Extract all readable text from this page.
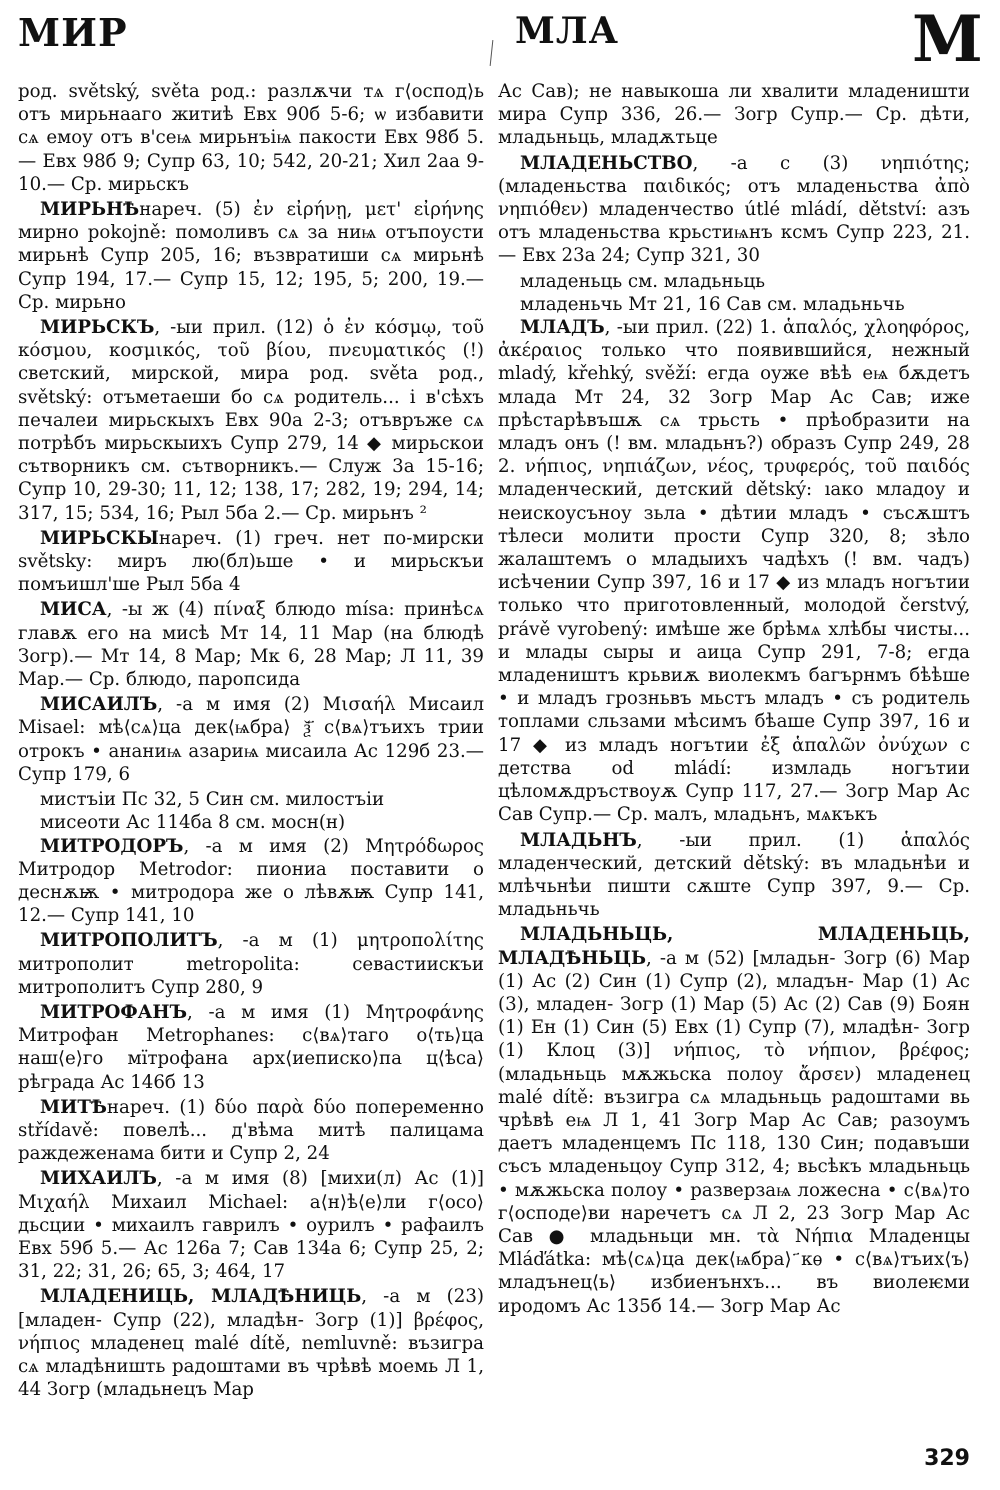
МИР	МЛА	М

род. světský, světa род.: разлѫчи тѧ г⟨оспод⟩ь отъ мирьнааго житиѣ Евх 90б 5-6; ѡ избавити сѧ емоу отъ в'сеѩ мирьнъіѩ пакости Евх 98б 5.— Евх 98б 9; Супр 63, 10; 542, 20-21; Хил 2аа 9-10.— Ср. мирьскъ

МИРЬНѢнареч. (5) ἐν εἰρήνῃ, μετ' εἰρήνης мирно pokojně: помоливъ сѧ за ниѩ отъпоусти мирьнѣ Супр 205, 16; възвратиши сѧ мирьнѣ Супр 194, 17.— Супр 15, 12; 195, 5; 200, 19.— Ср. мирьно

МИРЬСКЪ, -ыи прил. (12) ὁ ἐν κόσμῳ, τοῦ κόσμου, κοσμικός, τοῦ βίου, πνευματικός (!) светский, мирской, мира род. světa род., světský: отъметаеши бо сѧ родитель... і в'сѣхъ печалеи мирьскыхъ Евх 90а 2-3; отъвръже сѧ потрѣбъ мирьскыихъ Супр 279, 14 ◆ мирьскои сътворникъ см. сътворникъ.— Служ 3а 15-16; Супр 10, 29-30; 11, 12; 138, 17; 282, 19; 294, 14; 317, 15; 534, 16; Рыл 5ба 2.— Ср. мирьнъ ²

МИРЬСКЫнареч. (1) греч. нет по-мирски světsky: миръ лю(бл)ьше • и мирьскъи помъишл'ше Рыл 5ба 4

МИСА, -ы ж (4) πίναξ блюдо mísa: принѣсѧ главѫ его на мисѣ Мт 14, 11 Мар (на блюдѣ Зогр).— Мт 14, 8 Мар; Мк 6, 28 Мар; Л 11, 39 Мар.— Ср. блюдо, паропсида

МИСАИЛЪ, -а м имя (2) Μισαήλ Мисаил Misael: мѣ⟨сѧ⟩ца дек⟨ѩбра⟩ ѯ҃ с⟨вѧ⟩тъихъ трии отрокъ • ананиѩ азариѩ мисаила Ас 129б 23.— Супр 179, 6

мистъіи Пс 32, 5 Син см. милостъіи

мисеоти Ас 114ба 8 см. мосн(н)

МИТРОДОРЪ, -а м имя (2) Μητρόδωρος Митродор Metrodor: пиониа поставити о деснѫѭ • митродора же о лѣвѫѭ Супр 141, 12.— Супр 141, 10

МИТРОПОЛИТЪ, -а м (1) μητροπολίτης митрополит metropolita: севастиискъи митрополитъ Супр 280, 9

МИТРОФАНЪ, -а м имя (1) Μητροφάνης Митрофан Metrophanes: с⟨вѧ⟩таго о⟨ть⟩ца наш⟨е⟩го мїтрофана арх⟨иеписко⟩па ц⟨ѣса⟩рѣграда Ас 146б 13

МИТѢнареч. (1) δύο παρὰ δύο попеременно střídavě: повелѣ... д'вѣма митѣ палицама раждеженама бити и Супр 2, 24

МИХАИЛЪ, -а м имя (8) [михи(л) Ас (1)] Μιχαήλ Михаил Michael: а⟨н⟩ѣ⟨е⟩ли г⟨осо⟩дьсции • михаилъ гаврилъ • оурилъ • рафаилъ Евх 59б 5.— Ас 126а 7; Сав 134а 6; Супр 25, 2; 31, 22; 31, 26; 65, 3; 464, 17

МЛАДЕНИЦЬ, МЛАДѢНИЦЬ, -а м (23) [младен- Супр (22), младѣн- Зогр (1)] βρέφος, νήπιος младенец malé dítě, nemluvně: възигра сѧ младѣништь радоштами въ чрѣвѣ моемь Л 1, 44 Зогр (младьнецъ Мар

Ас Сав); не навыкоша ли хвалити младеништи мира Супр 336, 26.— Зогр Супр.— Ср. дѣти, младьньць, младѫтьце

МЛАДЕНЬСТВО, -а с (3) νηπιότης; (младеньства παιδικός; отъ младеньства ἀπὸ νηπιόθεν) младенчество útlé mládí, dětství: азъ отъ младеньства крьстиѩнъ ксмъ Супр 223, 21.— Евх 23а 24; Супр 321, 30

младеньць см. младьньць

младеньчь Мт 21, 16 Сав см. младьньчь

МЛАДЪ, -ыи прил. (22) 1. ἁπαλός, χλοηφόρος, ἀκέραιος только что появившийся, нежный mladý, křehký, svěží: егда оуже вѣѣ еѩ бѫдетъ млада Мт 24, 32 Зогр Мар Ас Сав; иже прѣстарѣвъшѫ сѧ трьсть • прѣобразити на младъ онъ (! вм. младьнъ?) образъ Супр 249, 28 2. νήπιος, νηπιάζων, νέος, τρυφερός, τοῦ παιδός младенческий, детский dětský: ıако младоу и неискоусъноу зьла • дѣтии младъ • съсѫштъ тѣлеси молити прости Супр 320, 8; зѣло жалаштемъ о младыихъ чадѣхъ (! вм. чадъ) исѣчении Супр 397, 16 и 17 ◆ из младъ ногътии только что приготовленный, молодой čerstvý, právě vyrobený: имѣше же брѣмѧ хлѣбы чисты... и млады сыры и аица Супр 291, 7-8; егда младеништъ крьвиѫ виолекмъ багърнмъ бѣѣше • и младъ грозньвъ мьстъ младъ • съ родитель топлами сльзами мѣсимъ бѣаше Супр 397, 16 и 17 ◆ из младъ ногътии ἐξ ἁπαλῶν ὀνύχων с детства od mládí: измладь ногътии цѣломѫдръствоуѫ Супр 117, 27.— Зогр Мар Ас Сав Супр.— Ср. малъ, младьнъ, мѧкъкъ

МЛАДЬНЪ, -ыи прил. (1) ἁπαλός младенческий, детский dětský: въ младьнѣи и млѣчьнѣи пишти сѫште Супр 397, 9.— Ср. младьньчь

МЛАДЬНЬЦЬ, МЛАДЕНЬЦЬ, МЛАДѢНЬЦЬ, -а м (52) [младьн- Зогр (6) Мар (1) Ас (2) Син (1) Супр (2), младън- Мар (1) Ас (3), младен- Зогр (1) Мар (5) Ас (2) Сав (9) Боян (1) Ен (1) Син (5) Евх (1) Супр (7), младѣн- Зогр (1) Клоц (3)] νήπιος, τὸ νήπιον, βρέφος; (младьньць мѫжьска полоу ἄρσεν) младенец malé dítě: възигра сѧ младьньць радоштами вь чрѣвѣ еѩ Л 1, 41 Зогр Мар Ас Сав; разоумъ даетъ младенцемъ Пс 118, 130 Син; подавъши съсъ младеньцоу Супр 312, 4; вьсѣкъ младьньць • мѫжьска полоу • разверзаѩ ложесна • с⟨вѧ⟩то г⟨осподе⟩ви наречетъ сѧ Л 2, 23 Зогр Мар Ас Сав ● младьньци мн. τὰ Νήπια Младенцы Mláďátka: мѣ⟨сѧ⟩ца дек⟨ѩбра⟩ ҃кѳ • с⟨вѧ⟩тъих⟨ъ⟩ младънец⟨ь⟩ избиенънхъ... въ виолеѥми иродомъ Ас 135б 14.— Зогр Мар Ас

329
